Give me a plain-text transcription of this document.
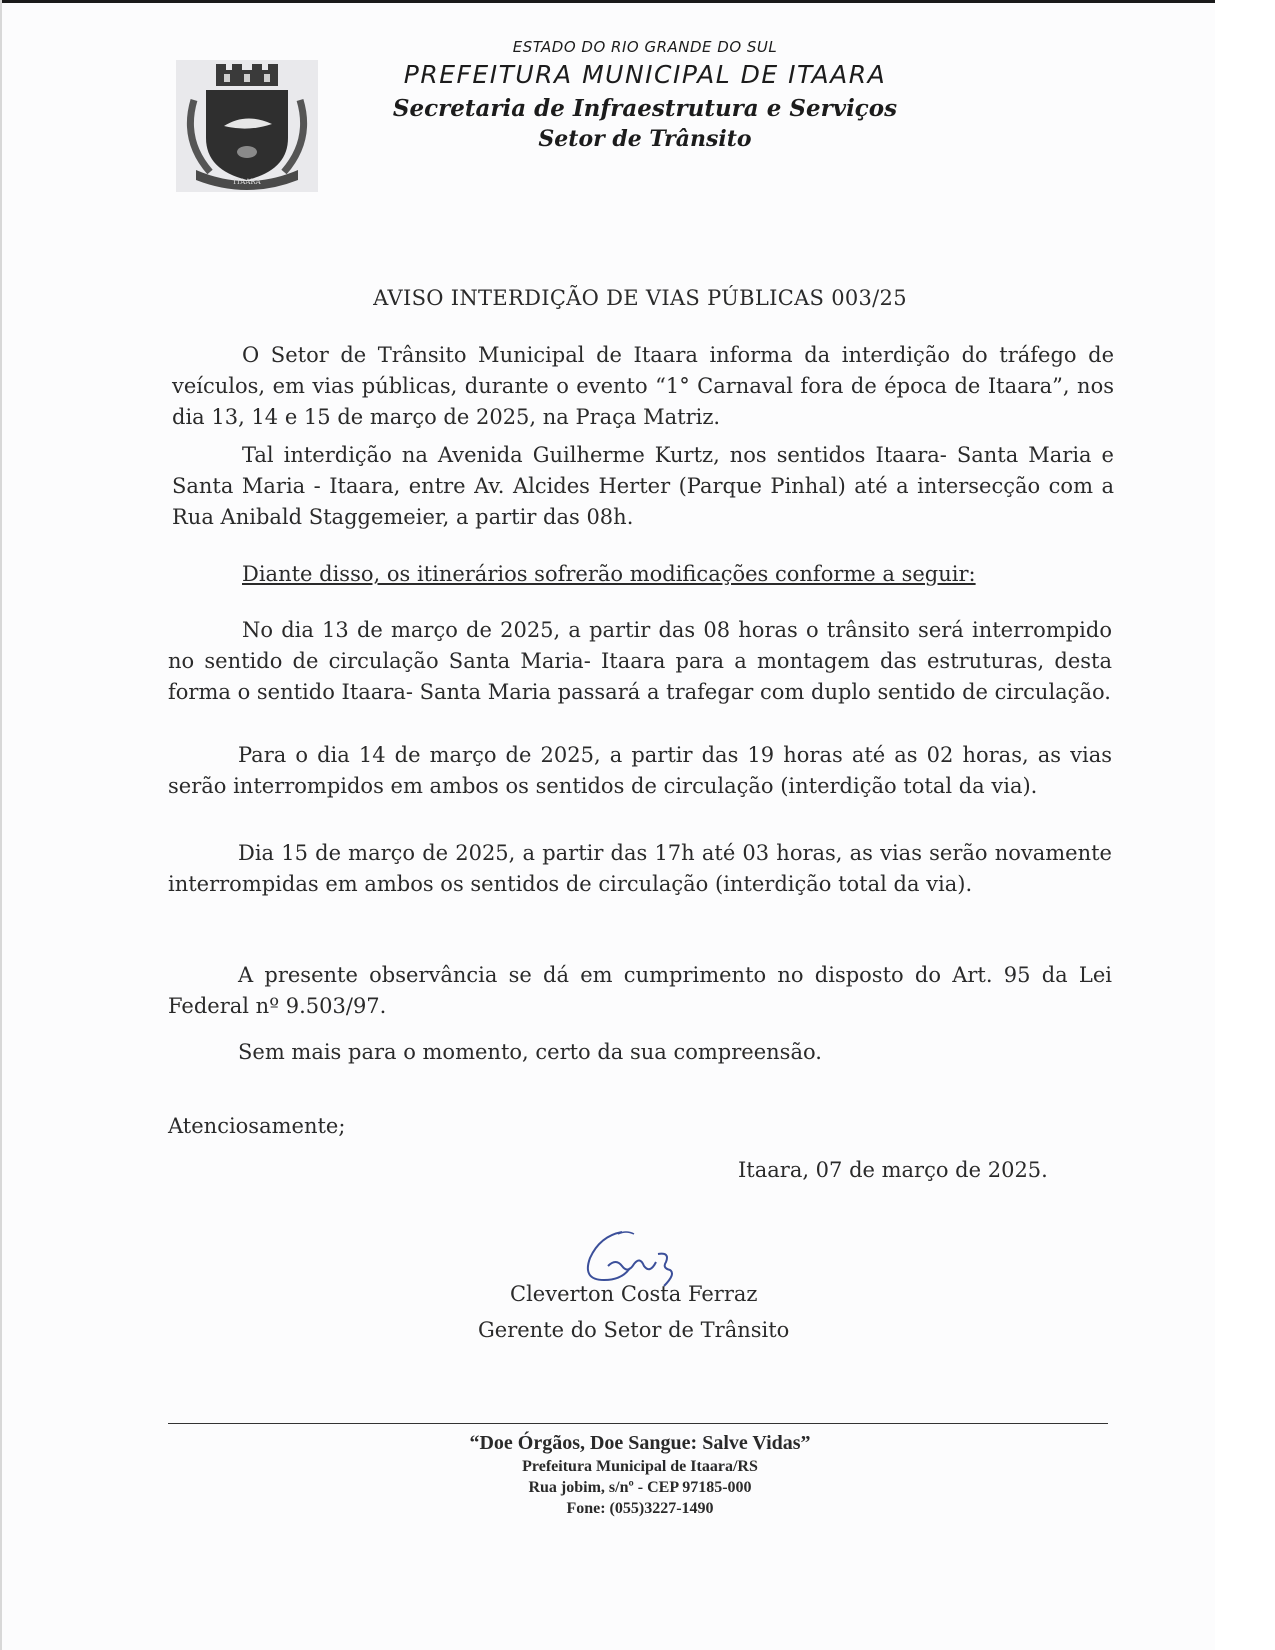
ITAARA
ESTADO DO RIO GRANDE DO SUL
PREFEITURA MUNICIPAL DE ITAARA
Secretaria de Infraestrutura e Serviços
Setor de Trânsito
AVISO INTERDIÇÃO DE VIAS PÚBLICAS 003/25
O Setor de Trânsito Municipal de Itaara informa da interdição do tráfego de veículos, em vias públicas, durante o evento “1° Carnaval fora de época de Itaara”, nos dia 13, 14 e 15 de março de 2025, na Praça Matriz.
Tal interdição na Avenida Guilherme Kurtz, nos sentidos Itaara- Santa Maria e Santa Maria - Itaara, entre Av. Alcides Herter (Parque Pinhal) até a intersecção com a Rua Anibald Staggemeier, a partir das 08h.
Diante disso, os itinerários sofrerão modificações conforme a seguir:
No dia 13 de março de 2025, a partir das 08 horas o trânsito será interrompido no sentido de circulação Santa Maria- Itaara para a montagem das estruturas, desta forma o sentido Itaara- Santa Maria passará a trafegar com duplo sentido de circulação.
Para o dia 14 de março de 2025, a partir das 19 horas até as 02 horas, as vias serão interrompidos em ambos os sentidos de circulação (interdição total da via).
Dia 15 de março de 2025, a partir das 17h até 03 horas, as vias serão novamente interrompidas em ambos os sentidos de circulação (interdição total da via).
A presente observância se dá em cumprimento no disposto do Art. 95 da Lei Federal nº 9.503/97.
Sem mais para o momento, certo da sua compreensão.
Atenciosamente;
Itaara, 07 de março de 2025.
Cleverton Costa Ferraz
Gerente do Setor de Trânsito
“Doe Órgãos, Doe Sangue: Salve Vidas”
Prefeitura Municipal de Itaara/RS
Rua jobim, s/nº - CEP 97185-000
Fone: (055)3227-1490
